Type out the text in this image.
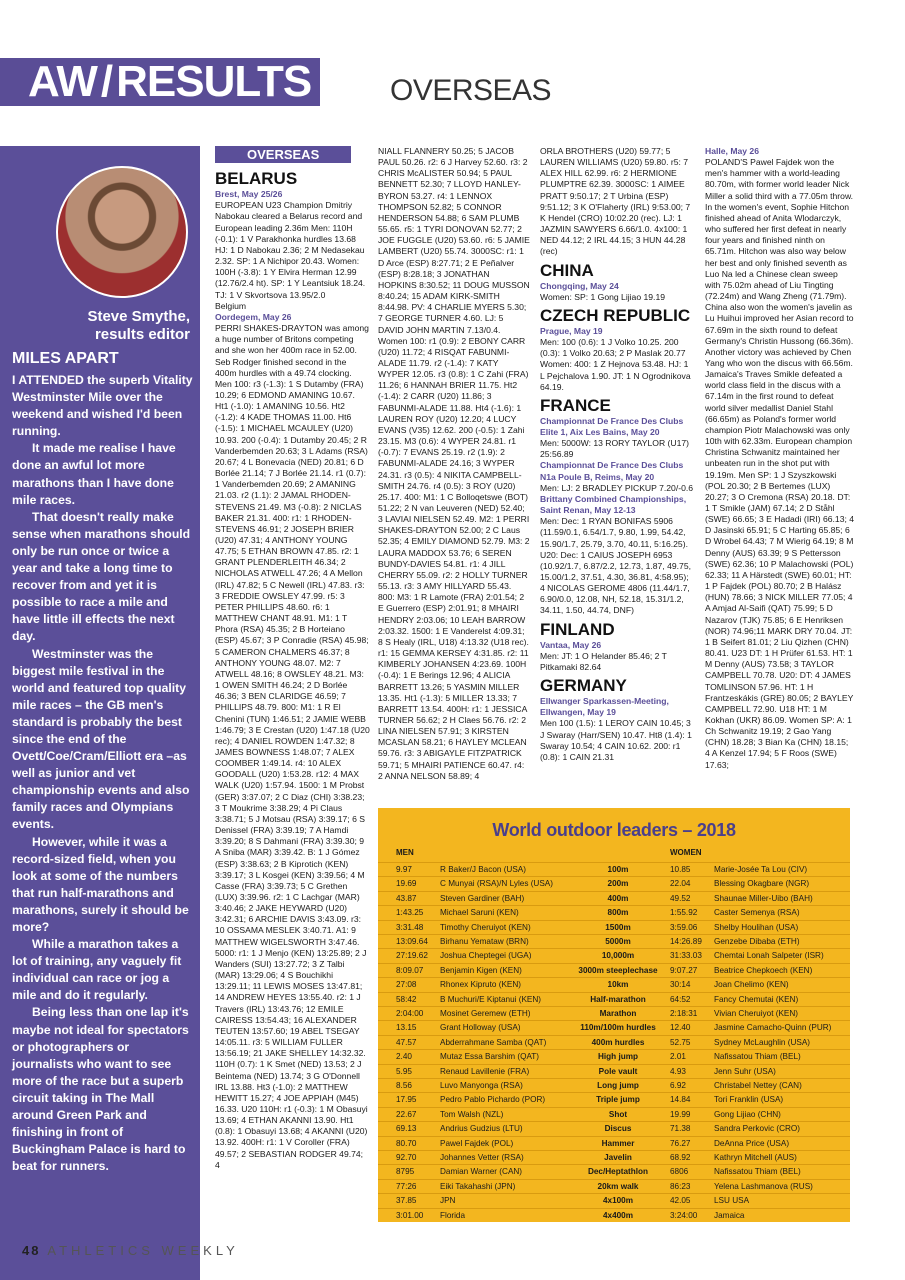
AW / RESULTS	OVERSEAS
Steve Smythe,
results editor
MILES APART

I ATTENDED the superb Vitality Westminster Mile over the weekend and wished I'd been running.

It made me realise I have done an awful lot more marathons than I have done mile races.

That doesn't really make sense when marathons should only be run once or twice a year and take a long time to recover from and yet it is possible to race a mile and have little ill effects the next day.

Westminster was the biggest mile festival in the world and featured top quality mile races – the GB men's standard is probably the best since the end of the Ovett/Coe/Cram/Elliott era –as well as junior and vet championship events and also family races and Olympians events.

However, while it was a record-sized field, when you look at some of the numbers that run half-marathons and marathons, surely it should be more?

While a marathon takes a lot of training, any vaguely fit individual can race or jog a mile and do it regularly.

Being less than one lap it's maybe not ideal for spectators or photographers or journalists who want to see more of the race but a superb circuit taking in The Mall around Green Park and finishing in front of Buckingham Palace is hard to beat for runners.

OVERSEAS
BELARUS

Brest, May 25/26

EUROPEAN U23 Champion Dmitriy Nabokau cleared a Belarus record and European leading 2.36m Men: 110H (-0.1): 1 V Parakhonka hurdles 13.68 HJ: 1 D Nabokau 2.36; 2 M Nedasekau 2.32. SP: 1 A Nichipor 20.43. Women: 100H (-3.8): 1 Y Elvira Herman 12.99 (12.76/2.4 ht). SP: 1 Y Leantsiuk 18.24. TJ: 1 V Skvortsova 13.95/2.0

Belgium

Oordegem, May 26

PERRI SHAKES-DRAYTON was among a huge number of Britons competing and she won her 400m race in 52.00. Seb Rodger finished second in the 400m hurdles with a 49.74 clocking. Men 100: r3 (-1.3): 1 S Dutamby (FRA) 10.29; 6 EDMOND AMANING 10.67. Ht1 (-1.0): 1 AMANING 10.56. Ht2 (-1.2): 4 KADE THOMAS 11.00. Ht6 (-1.5): 1 MICHAEL MCAULEY (U20) 10.93. 200 (-0.4): 1 Dutamby 20.45; 2 R Vanderbemden 20.63; 3 L Adams (RSA) 20.67; 4 L Bonevacia (NED) 20.81; 6 D Borlée 21.14; 7 J Borlée 21.14. r1 (0.7): 1 Vanderbemden 20.69; 2 AMANING 21.03. r2 (1.1): 2 JAMAL RHODEN-STEVENS 21.49. M3 (-0.8): 2 NICLAS BAKER 21.31. 400: r1: 1 RHODEN-STEVENS 46.91; 2 JOSEPH BRIER (U20) 47.31; 4 ANTHONY YOUNG 47.75; 5 ETHAN BROWN 47.85. r2: 1 GRANT PLENDERLEITH 46.34; 2 NICHOLAS ATWELL 47.26; 4 A Mellon (IRL) 47.82; 5 C Newell (IRL) 47.83. r3: 3 FREDDIE OWSLEY 47.99. r5: 3 PETER PHILLIPS 48.60. r6: 1 MATTHEW CHANT 48.91. M1: 1 T Phora (RSA) 45.35; 2 B Horteiano (ESP) 45.67; 3 P Conradie (RSA) 45.98; 5 CAMERON CHALMERS 46.37; 8 ANTHONY YOUNG 48.07. M2: 7 ATWELL 48.16; 8 OWSLEY 48.21. M3: 1 OWEN SMITH 46.24; 2 D Borlée 46.36; 3 BEN CLARIDGE 46.59; 7 PHILLIPS 48.79. 800: M1: 1 R El Chenini (TUN) 1:46.51; 2 JAMIE WEBB 1:46.79; 3 E Crestan (U20) 1:47.18 (U20 rec); 4 DANIEL ROWDEN 1:47.32; 8 JAMES BOWNESS 1:48.07; 7 ALEX COOMBER 1:49.14. r4: 10 ALEX GOODALL (U20) 1:53.28. r12: 4 MAX WALK (U20) 1:57.94. 1500: 1 M Probst (GER) 3:37.07; 2 C Diaz (CHI) 3:38.23; 3 T Moukrime 3:38.29; 4 Pi Claus 3:38.71; 5 J Motsau (RSA) 3:39.17; 6 S Denissel (FRA) 3:39.19; 7 A Hamdi 3:39.20; 8 S Dahmani (FRA) 3:39.30; 9 A Sniba (MAR) 3:39.42. B: 1 J Gómez (ESP) 3:38.63; 2 B Kiprotich (KEN) 3:39.17; 3 L Kosgei (KEN) 3:39.56; 4 M Casse (FRA) 3:39.73; 5 C Grethen (LUX) 3:39.96. r2: 1 C Lachgar (MAR) 3:40.46; 2 JAKE HEYWARD (U20) 3:42.31; 6 ARCHIE DAVIS 3:43.09. r3: 10 OSSAMA MESLEK 3:40.71. A1: 9 MATTHEW WIGELSWORTH 3:47.46. 5000: r1: 1 J Menjo (KEN) 13:25.89; 2 J Wanders (SUI) 13:27.72; 3 Z Talbi (MAR) 13:29.06; 4 S Bouchikhi 13:29.11; 11 LEWIS MOSES 13:47.81; 14 ANDREW HEYES 13:55.40. r2: 1 J Travers (IRL) 13:43.76; 12 EMILE CAIRESS 13:54.43; 16 ALEXANDER TEUTEN 13:57.60; 19 ABEL TSEGAY 14:05.11. r3: 5 WILLIAM FULLER 13:56.19; 21 JAKE SHELLEY 14:32.32. 110H (0.7): 1 K Smet (NED) 13.53; 2 J Beintema (NED) 13.74; 3 G O'Donnell IRL 13.88. Ht3 (-1.0): 2 MATTHEW HEWITT 15.27; 4 JOE APPIAH (M45) 16.33. U20 110H: r1 (-0.3): 1 M Obasuyi 13.69; 4 ETHAN AKANNI 13.90. Ht1 (0.8): 1 Obasuyi 13.68; 4 AKANNI (U20) 13.92. 400H: r1: 1 V Coroller (FRA) 49.57; 2 SEBASTIAN RODGER 49.74; 4

NIALL FLANNERY 50.25; 5 JACOB PAUL 50.26. r2: 6 J Harvey 52.60. r3: 2 CHRIS McALISTER 50.94; 5 PAUL BENNETT 52.30; 7 LLOYD HANLEY-BYRON 53.27. r4: 1 LENNOX THOMPSON 52.82; 5 CONNOR HENDERSON 54.88; 6 SAM PLUMB 55.65. r5: 1 TYRI DONOVAN 52.77; 2 JOE FUGGLE (U20) 53.60. r6: 5 JAMIE LAMBERT (U20) 55.74. 3000SC: r1: 1 D Arce (ESP) 8:27.71; 2 E Peñalver (ESP) 8:28.18; 3 JONATHAN HOPKINS 8:30.52; 11 DOUG MUSSON 8:40.24; 15 ADAM KIRK-SMITH 8:44.98. PV: 4 CHARLIE MYERS 5.30; 7 GEORGE TURNER 4.60. LJ: 5 DAVID JOHN MARTIN 7.13/0.4. Women 100: r1 (0.9): 2 EBONY CARR (U20) 11.72; 4 RISQAT FABUNMI-ALADE 11.79. r2 (-1.4): 7 KATY WYPER 12.05. r3 (0.8): 1 C Zahi (FRA) 11.26; 6 HANNAH BRIER 11.75. Ht2 (-1.4): 2 CARR (U20) 11.86; 3 FABUNMI-ALADE 11.88. Ht4 (-1.6): 1 LAUREN ROY (U20) 12.20; 4 LUCY EVANS (V35) 12.62. 200 (-0.5): 1 Zahi 23.15. M3 (0.6): 4 WYPER 24.81. r1 (-0.7): 7 EVANS 25.19. r2 (1.9): 2 FABUNMI-ALADE 24.16; 3 WYPER 24.31. r3 (0.5): 4 NIKITA CAMPBELL-SMITH 24.76. r4 (0.5): 3 ROY (U20) 25.17. 400: M1: 1 C Bolloqetswe (BOT) 51.22; 2 N van Leuveren (NED) 52.40; 3 LAVIAI NIELSEN 52.49. M2: 1 PERRI SHAKES-DRAYTON 52.00; 2 C Laus 52.35; 4 EMILY DIAMOND 52.79. M3: 2 LAURA MADDOX 53.76; 6 SEREN BUNDY-DAVIES 54.81. r1: 4 JILL CHERRY 55.09. r2: 2 HOLLY TURNER 55.13. r3: 3 AMY HILLYARD 55.43. 800: M3: 1 R Lamote (FRA) 2:01.54; 2 E Guerrero (ESP) 2:01.91; 8 MHAIRI HENDRY 2:03.06; 10 LEAH BARROW 2:03.32. 1500: 1 E Vanderelst 4:09.31; 8 S Healy (IRL, U18) 4:13.32 (U18 rec). r1: 15 GEMMA KERSEY 4:31.85. r2: 11 KIMBERLY JOHANSEN 4:23.69. 100H (-0.4): 1 E Berings 12.96; 4 ALICIA BARRETT 13.26; 5 YASMIN MILLER 13.35. Ht1 (-1.3): 5 MILLER 13.33; 7 BARRETT 13.54. 400H: r1: 1 JESSICA TURNER 56.62; 2 H Claes 56.76. r2: 2 LINA NIELSEN 57.91; 3 KIRSTEN MCASLAN 58.21; 6 HAYLEY MCLEAN 59.76. r3: 3 ABIGAYLE FITZPATRICK 59.71; 5 MHAIRI PATIENCE 60.47. r4: 2 ANNA NELSON 58.89; 4

ORLA BROTHERS (U20) 59.77; 5 LAUREN WILLIAMS (U20) 59.80. r5: 7 ALEX HILL 62.99. r6: 2 HERMIONE PLUMPTRE 62.39. 3000SC: 1 AIMEE PRATT 9:50.17; 2 T Urbina (ESP) 9:51.12; 3 K O'Flaherty (IRL) 9:53.00; 7 K Hendel (CRO) 10:02.20 (rec). LJ: 1 JAZMIN SAWYERS 6.66/1.0. 4x100: 1 NED 44.12; 2 IRL 44.15; 3 HUN 44.28 (rec)

CHINA

Chongqing, May 24

Women: SP: 1 Gong Lijiao 19.19

CZECH REPUBLIC

Prague, May 19

Men: 100 (0.6): 1 J Volko 10.25. 200 (0.3): 1 Volko 20.63; 2 P Maslak 20.77 Women: 400: 1 Z Hejnova 53.48. HJ: 1 L Pejchalova 1.90. JT: 1 N Ogrodnikova 64.19.

FRANCE

Championnat De France Des Clubs Elite 1, Aix Les Bains, May 20

Men: 5000W: 13 RORY TAYLOR (U17) 25:56.89

Championnat De France Des Clubs N1a Poule B, Reims, May 20

Men: LJ: 2 BRADLEY PICKUP 7.20/-0.6

Brittany Combined Championships, Saint Renan, May 12-13

Men: Dec: 1 RYAN BONIFAS 5906 (11.59/0.1, 6.54/1.7, 9.80, 1.99, 54.42, 15.90/1.7, 25.79, 3.70, 40.11, 5:16.25). U20: Dec: 1 CAIUS JOSEPH 6953 (10.92/1.7, 6.87/2.2, 12.73, 1.87, 49.75, 15.00/1.2, 37.51, 4.30, 36.81, 4:58.95); 4 NICOLAS GEROME 4806 (11.44/1.7, 6.90/0.0, 12.08, NH, 52.18, 15.31/1.2, 34.11, 1.50, 44.74, DNF)

FINLAND

Vantaa, May 26

Men: JT: 1 O Helander 85.46; 2 T Pitkamaki 82.64

GERMANY

Ellwanger Sparkassen-Meeting, Ellwangen, May 19

Men 100 (1.5): 1 LEROY CAIN 10.45; 3 J Swaray (Harr/SEN) 10.47. Ht8 (1.4): 1 Swaray 10.54; 4 CAIN 10.62. 200: r1 (0.8): 1 CAIN 21.31

Halle, May 26

POLAND'S Pawel Fajdek won the men's hammer with a world-leading 80.70m, with former world leader Nick Miller a solid third with a 77.05m throw. In the women's event, Sophie Hitchon finished ahead of Anita Wlodarczyk, who suffered her first defeat in nearly four years and finished ninth on 65.71m. Hitchon was also way below her best and only finished seventh as Luo Na led a Chinese clean sweep with 75.02m ahead of Liu Tingting (72.24m) and Wang Zheng (71.79m). China also won the women's javelin as Lu Huihui improved her Asian record to 67.69m in the sixth round to defeat Germany's Christin Hussong (66.36m). Another victory was achieved by Chen Yang who won the discus with 66.56m. Jamaica's Traves Smikle defeated a world class field in the discus with a 67.14m in the first round to defeat world silver medallist Daniel Stahl (66.65m) as Poland's former world champion Piotr Malachowski was only 10th with 62.33m. European champion Christina Schwanitz maintained her unbeaten run in the shot put with 19.19m. Men SP: 1 J Szyszkowski (POL 20.30; 2 B Bertemes (LUX) 20.27; 3 O Cremona (RSA) 20.18. DT: 1 T Smikle (JAM) 67.14; 2 D Ståhl (SWE) 66.65; 3 E Hadadi (IRI) 66.13; 4 D Jasinski 65.91; 5 C Harting 65.85; 6 D Wrobel 64.43; 7 M Wierig 64.19; 8 M Denny (AUS) 63.39; 9 S Pettersson (SWE) 62.36; 10 P Malachowski (POL) 62.33; 11 A Härstedt (SWE) 60.01; HT: 1 P Fajdek (POL) 80.70; 2 B Halász (HUN) 78.66; 3 NICK MILLER 77.05; 4 A Amjad Al-Saifi (QAT) 75.99; 5 D Nazarov (TJK) 75.85; 6 E Henriksen (NOR) 74.96;11 MARK DRY 70.04. JT: 1 B Seifert 81.01; 2 Liu Qizhen (CHN) 80.41. U23 DT: 1 H Prüfer 61.53. HT: 1 M Denny (AUS) 73.58; 3 TAYLOR CAMPBELL 70.78. U20: DT: 4 JAMES TOMLINSON 57.96. HT: 1 H Frantzeskákis (GRE) 80.05; 2 BAYLEY CAMPBELL 72.90. U18 HT: 1 M Kokhan (UKR) 86.09. Women SP: A: 1 Ch Schwanitz 19.19; 2 Gao Yang (CHN) 18.28; 3 Bian Ka (CHN) 18.15; 4 A Kenzel 17.94; 5 F Roos (SWE) 17.63;

World outdoor leaders – 2018
MEN	WOMEN
9.97	R Baker/J Bacon (USA)	100m	10.85	Marie-Josée Ta Lou (CIV)
19.69	C Munyai (RSA)/N Lyles (USA)	200m	22.04	Blessing Okagbare (NGR)
43.87	Steven Gardiner (BAH)	400m	49.52	Shaunae Miller-Uibo (BAH)
1:43.25 Michael Saruni (KEN)	800m	1:55.92 Caster Semenya (RSA)
3:31.48 Timothy Cheruiyot (KEN)	1500m	3:59.06 Shelby Houlihan (USA)
13:09.64 Birhanu Yemataw (BRN)	5000m	14:26.89 Genzebe Dibaba (ETH)
27:19.62 Joshua Cheptegei (UGA)	10,000m	31:33.03 Chemtai Lonah Salpeter (ISR)
8:09.07 Benjamin Kigen (KEN)	3000m steeplechase	9:07.27 Beatrice Chepkoech (KEN)
27:08	Rhonex Kipruto (KEN)	10km	30:14	Joan Chelimo (KEN)
58:42	B Muchuri/E Kiptanui (KEN)	Half-marathon	64:52	Fancy Chemutai (KEN)
2:04:00 Mosinet Geremew (ETH)	Marathon	2:18:31 Vivian Cheruiyot (KEN)
13.15	Grant Holloway (USA)	110m/100m hurdles	12.40	Jasmine Camacho-Quinn (PUR)
47.57	Abderrahmane Samba (QAT)	400m hurdles	52.75	Sydney McLaughlin (USA)
2.40	Mutaz Essa Barshim (QAT)	High jump	2.01	Nafissatou Thiam (BEL)
5.95	Renaud Lavillenie (FRA)	Pole vault	4.93	Jenn Suhr (USA)
8.56	Luvo Manyonga (RSA)	Long jump	6.92	Christabel Nettey (CAN)
17.95	Pedro Pablo Pichardo (POR)	Triple jump	14.84	Tori Franklin (USA)
22.67	Tom Walsh (NZL)	Shot	19.99	Gong Lijiao (CHN)
69.13	Andrius Gudzius (LTU)	Discus	71.38	Sandra Perkovic (CRO)
80.70	Pawel Fajdek (POL)	Hammer	76.27	DeAnna Price (USA)
92.70	Johannes Vetter (RSA)	Javelin	68.92	Kathryn Mitchell (AUS)
8795	Damian Warner (CAN)	Dec/Heptathlon	6806	Nafissatou Thiam (BEL)
77:26	Eiki Takahashi (JPN)	20km walk	86:23	Yelena Lashmanova (RUS)
37.85	JPN	4x100m	42.05	LSU USA
3:01.00 Florida	4x400m	3:24:00 Jamaica
48 ATHLETICS WEEKLY
